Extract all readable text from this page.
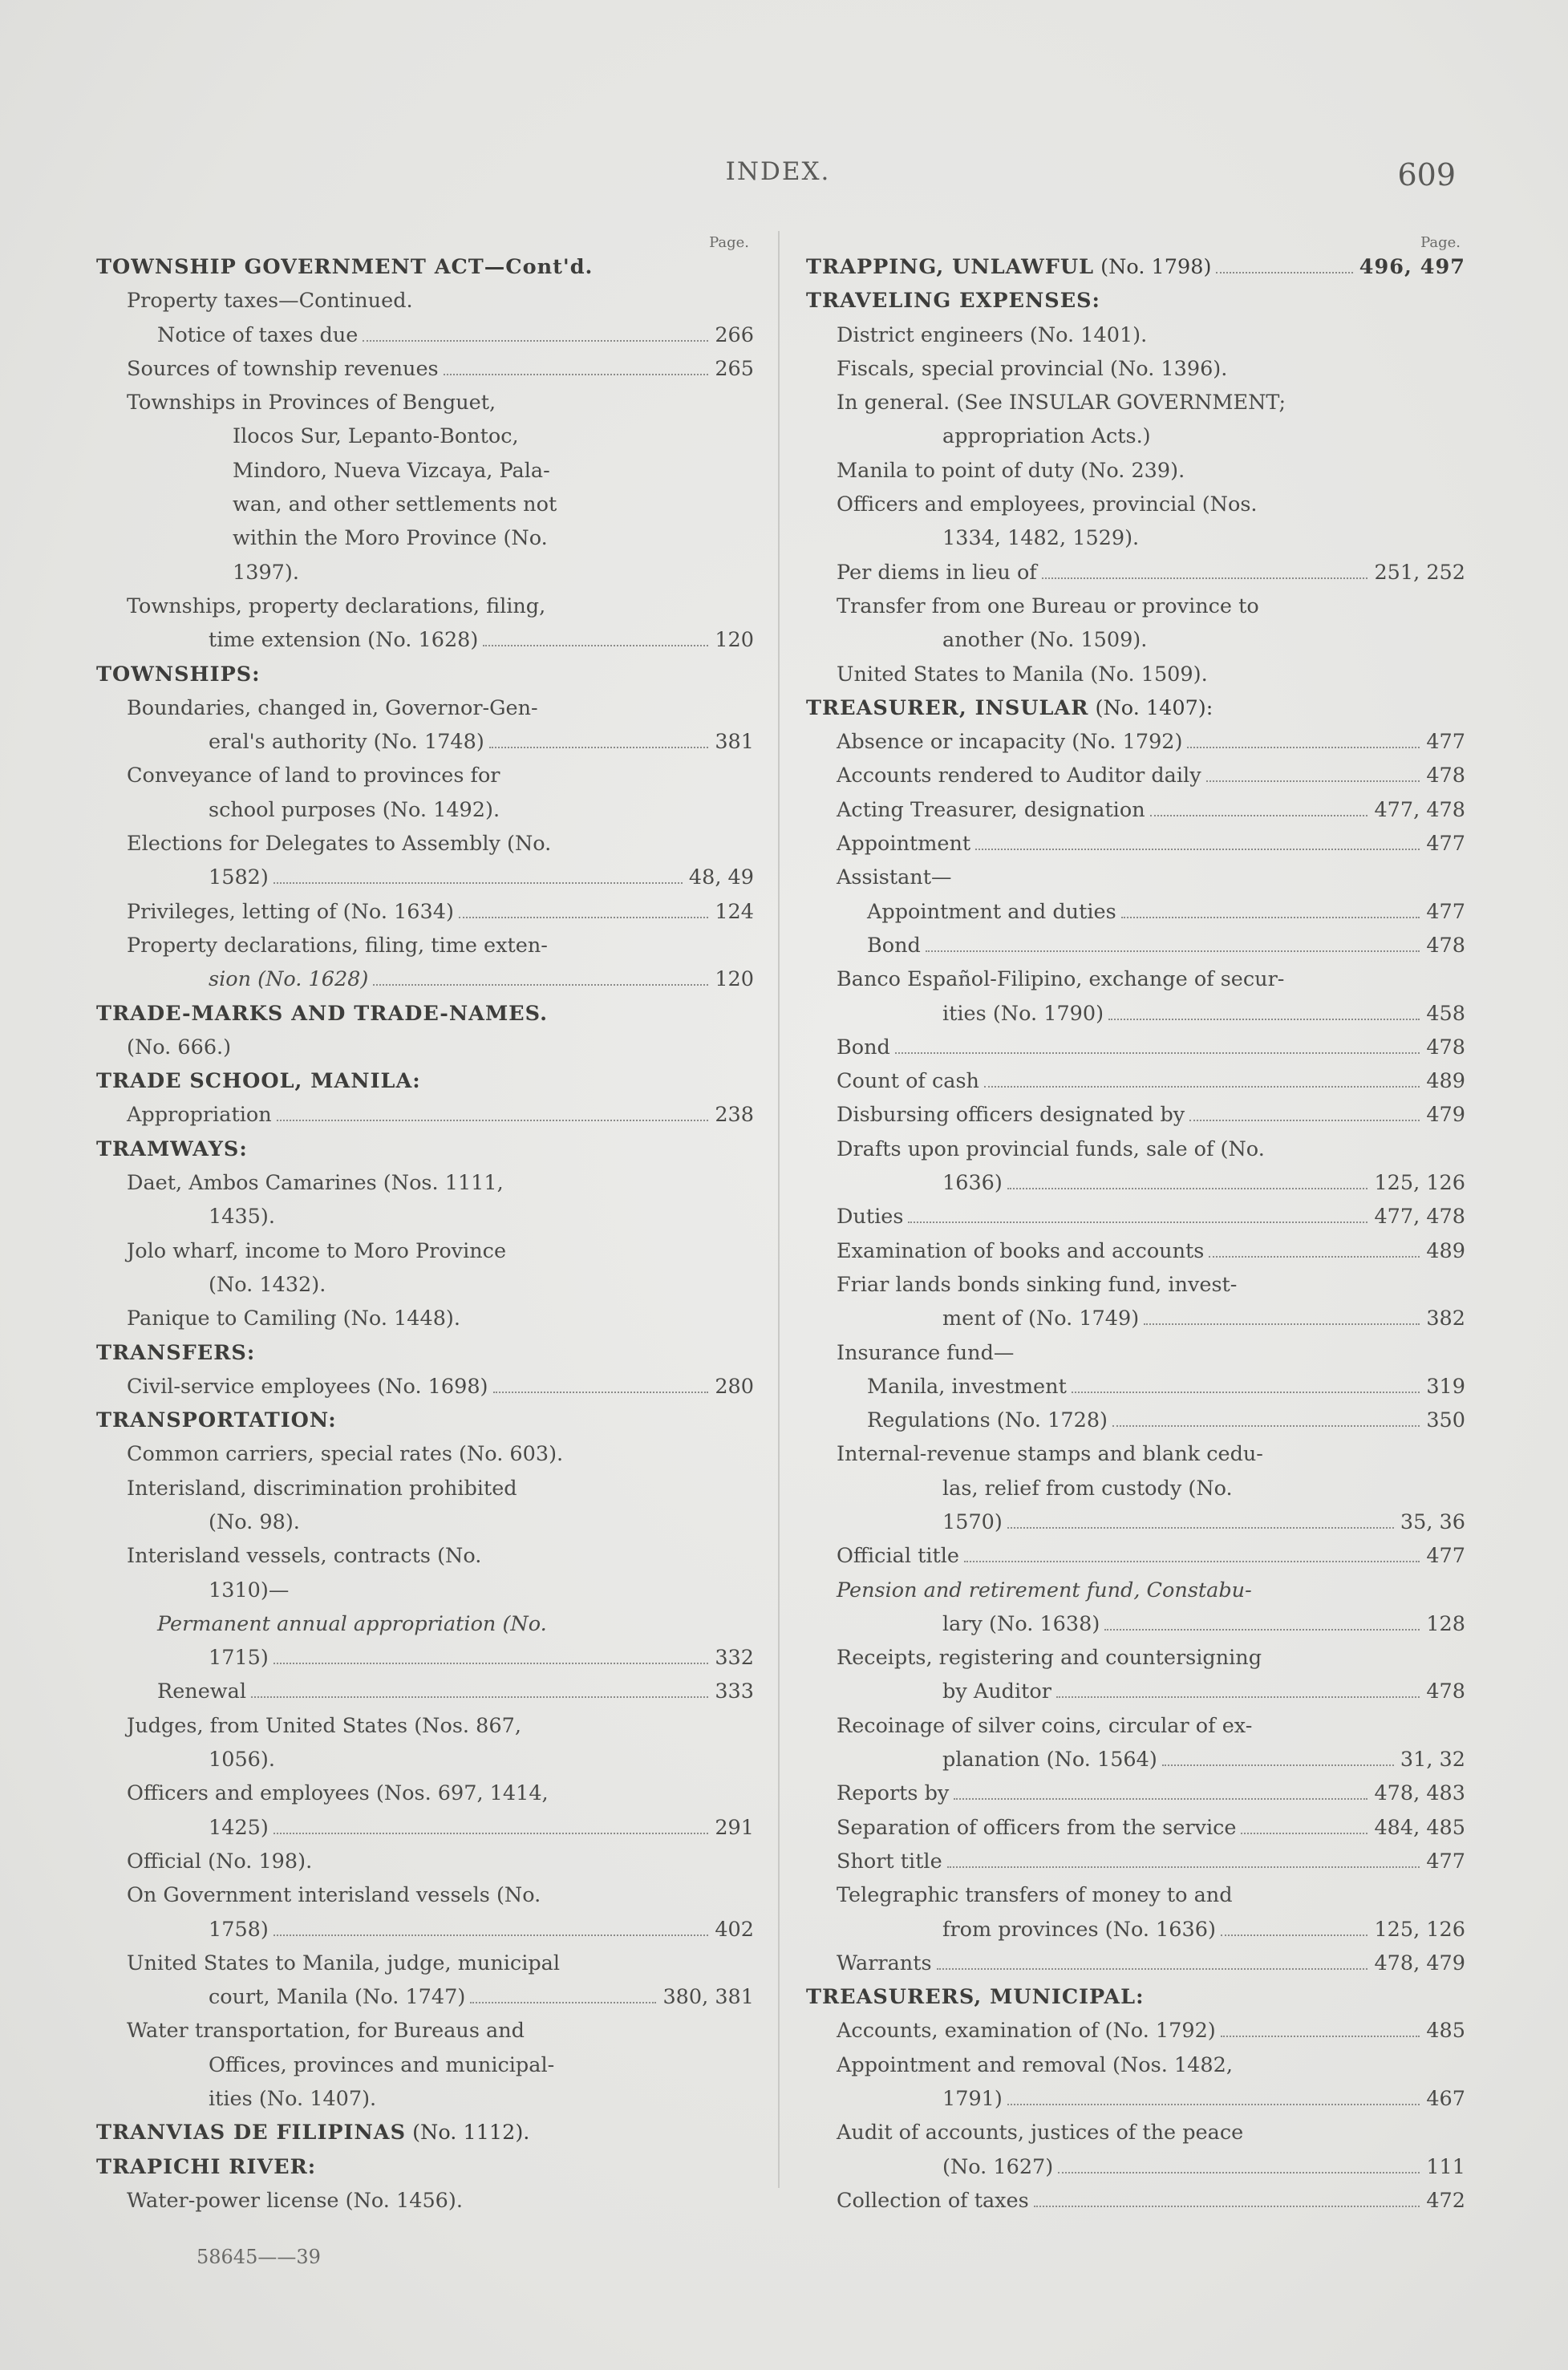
INDEX.	609
Page.
TOWNSHIP GOVERNMENT ACT—Cont'd.
Property taxes—Continued.
Notice of taxes due	266
Sources of township revenues	265
Townships in Provinces of Benguet,
Ilocos Sur, Lepanto-Bontoc,
Mindoro, Nueva Vizcaya, Pala-
wan, and other settlements not
within the Moro Province (No.
1397).
Townships, property declarations, filing,
time extension (No. 1628)	120
TOWNSHIPS:
Boundaries, changed in, Governor-Gen-
eral's authority (No. 1748)	381
Conveyance of land to provinces for
school purposes (No. 1492).
Elections for Delegates to Assembly (No.
1582)	48, 49
Privileges, letting of (No. 1634)	124
Property declarations, filing, time exten-
sion (No. 1628)	120
TRADE-MARKS AND TRADE-NAMES.
(No. 666.)
TRADE SCHOOL, MANILA:
Appropriation	238
TRAMWAYS:
Daet, Ambos Camarines (Nos. 1111,
1435).
Jolo wharf, income to Moro Province
(No. 1432).
Panique to Camiling (No. 1448).
TRANSFERS:
Civil-service employees (No. 1698)	280
TRANSPORTATION:
Common carriers, special rates (No. 603).
Interisland, discrimination prohibited
(No. 98).
Interisland vessels, contracts (No.
1310)—
Permanent annual appropriation (No.
1715)	332
Renewal	333
Judges, from United States (Nos. 867,
1056).
Officers and employees (Nos. 697, 1414,
1425)	291
Official (No. 198).
On Government interisland vessels (No.
1758)	402
United States to Manila, judge, municipal
court, Manila (No. 1747)	380, 381
Water transportation, for Bureaus and
Offices, provinces and municipal-
ities (No. 1407).
TRANVIAS DE FILIPINAS (No. 1112).
TRAPICHI RIVER:
Water-power license (No. 1456).
Page.
TRAPPING, UNLAWFUL (No. 1798)	496, 497
TRAVELING EXPENSES:
District engineers (No. 1401).
Fiscals, special provincial (No. 1396).
In general. (See INSULAR GOVERNMENT;
appropriation Acts.)
Manila to point of duty (No. 239).
Officers and employees, provincial (Nos.
1334, 1482, 1529).
Per diems in lieu of	251, 252
Transfer from one Bureau or province to
another (No. 1509).
United States to Manila (No. 1509).
TREASURER, INSULAR (No. 1407):
Absence or incapacity (No. 1792)	477
Accounts rendered to Auditor daily	478
Acting Treasurer, designation	477, 478
Appointment	477
Assistant—
Appointment and duties	477
Bond	478
Banco Español-Filipino, exchange of secur-
ities (No. 1790)	458
Bond	478
Count of cash	489
Disbursing officers designated by	479
Drafts upon provincial funds, sale of (No.
1636)	125, 126
Duties	477, 478
Examination of books and accounts	489
Friar lands bonds sinking fund, invest-
ment of (No. 1749)	382
Insurance fund—
Manila, investment	319
Regulations (No. 1728)	350
Internal-revenue stamps and blank cedu-
las, relief from custody (No.
1570)	35, 36
Official title	477
Pension and retirement fund, Constabu-
lary (No. 1638)	128
Receipts, registering and countersigning
by Auditor	478
Recoinage of silver coins, circular of ex-
planation (No. 1564)	31, 32
Reports by	478, 483
Separation of officers from the service	484, 485
Short title	477
Telegraphic transfers of money to and
from provinces (No. 1636)	125, 126
Warrants	478, 479
TREASURERS, MUNICIPAL:
Accounts, examination of (No. 1792)	485
Appointment and removal (Nos. 1482,
1791)	467
Audit of accounts, justices of the peace
(No. 1627)	111
Collection of taxes	472
58645——39
